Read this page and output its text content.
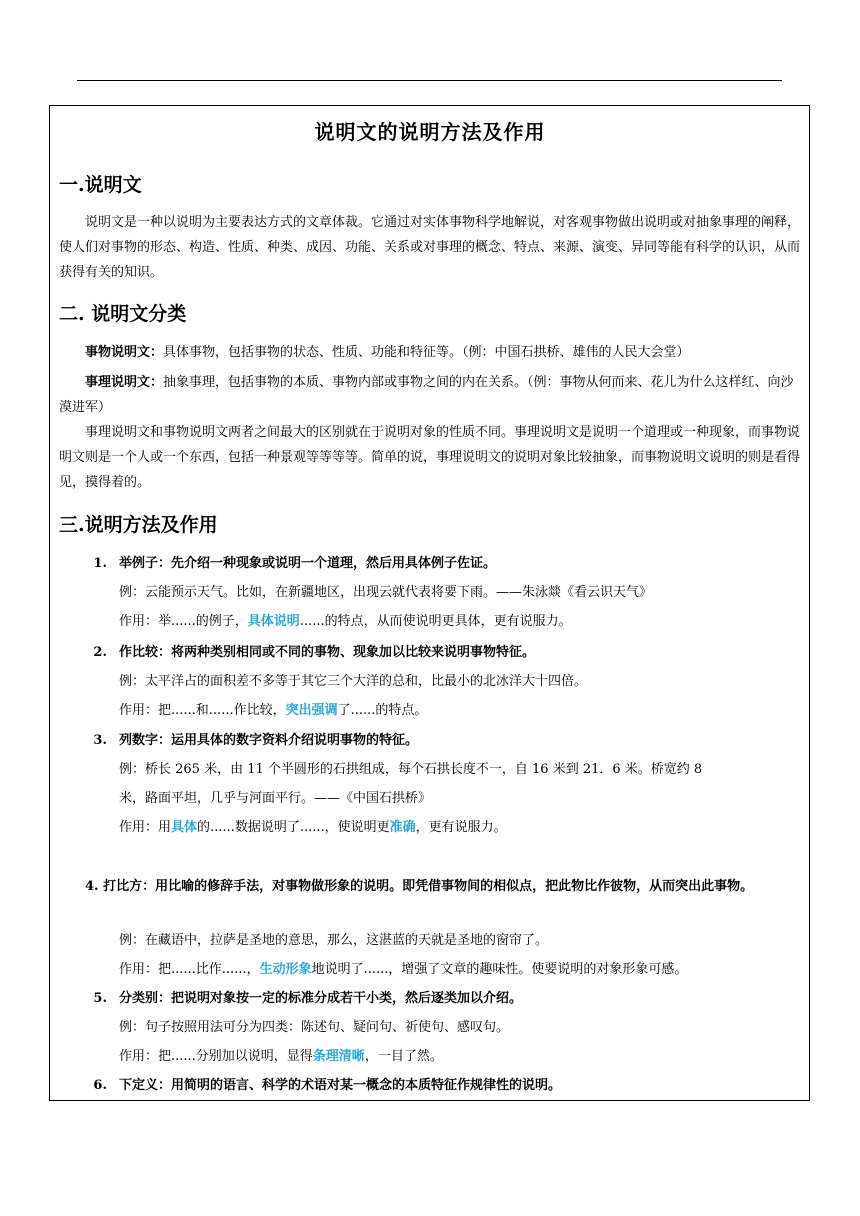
说明文的说明方法及作用
一.说明文

说明文是一种以说明为主要表达方式的文章体裁。它通过对实体事物科学地解说，对客观事物做出说明或对抽象事理的阐释，使人们对事物的形态、构造、性质、种类、成因、功能、关系或对事理的概念、特点、来源、演变、异同等能有科学的认识，从而获得有关的知识。

二. 说明文分类

事物说明文：具体事物，包括事物的状态、性质、功能和特征等。（例：中国石拱桥、雄伟的人民大会堂）

事理说明文：抽象事理，包括事物的本质、事物内部或事物之间的内在关系。（例：事物从何而来、花儿为什么这样红、向沙漠进军）

事理说明文和事物说明文两者之间最大的区别就在于说明对象的性质不同。事理说明文是说明一个道理或一种现象，而事物说明文则是一个人或一个东西，包括一种景观等等等等。简单的说，事理说明文的说明对象比较抽象，而事物说明文说明的则是看得见，摸得着的。

三.说明方法及作用

1. 举例子：先介绍一种现象或说明一个道理，然后用具体例子佐证。

例：云能预示天气。比如，在新疆地区，出现云就代表将要下雨。——朱泳燚《看云识天气》

作用：举......的例子，具体说明......的特点，从而使说明更具体，更有说服力。

2. 作比较：将两种类别相同或不同的事物、现象加以比较来说明事物特征。

例：太平洋占的面积差不多等于其它三个大洋的总和，比最小的北冰洋大十四倍。

作用：把......和......作比较，突出强调了......的特点。

3. 列数字：运用具体的数字资料介绍说明事物的特征。

例：桥长 265 米，由 11 个半圆形的石拱组成，每个石拱长度不一，自 16 米到 21．6 米。桥宽约 8

米，路面平坦，几乎与河面平行。——《中国石拱桥》

作用：用具体的......数据说明了......，使说明更准确，更有说服力。

4. 打比方：用比喻的修辞手法，对事物做形象的说明。即凭借事物间的相似点，把此物比作彼物，从而突出此事物。

例：在藏语中，拉萨是圣地的意思，那么，这湛蓝的天就是圣地的窗帘了。

作用：把......比作......，生动形象地说明了......，增强了文章的趣味性。使要说明的对象形象可感。

5. 分类别：把说明对象按一定的标准分成若干小类，然后逐类加以介绍。

例：句子按照用法可分为四类：陈述句、疑问句、祈使句、感叹句。

作用：把......分别加以说明，显得条理清晰，一目了然。

6. 下定义：用简明的语言、科学的术语对某一概念的本质特征作规律性的说明。
